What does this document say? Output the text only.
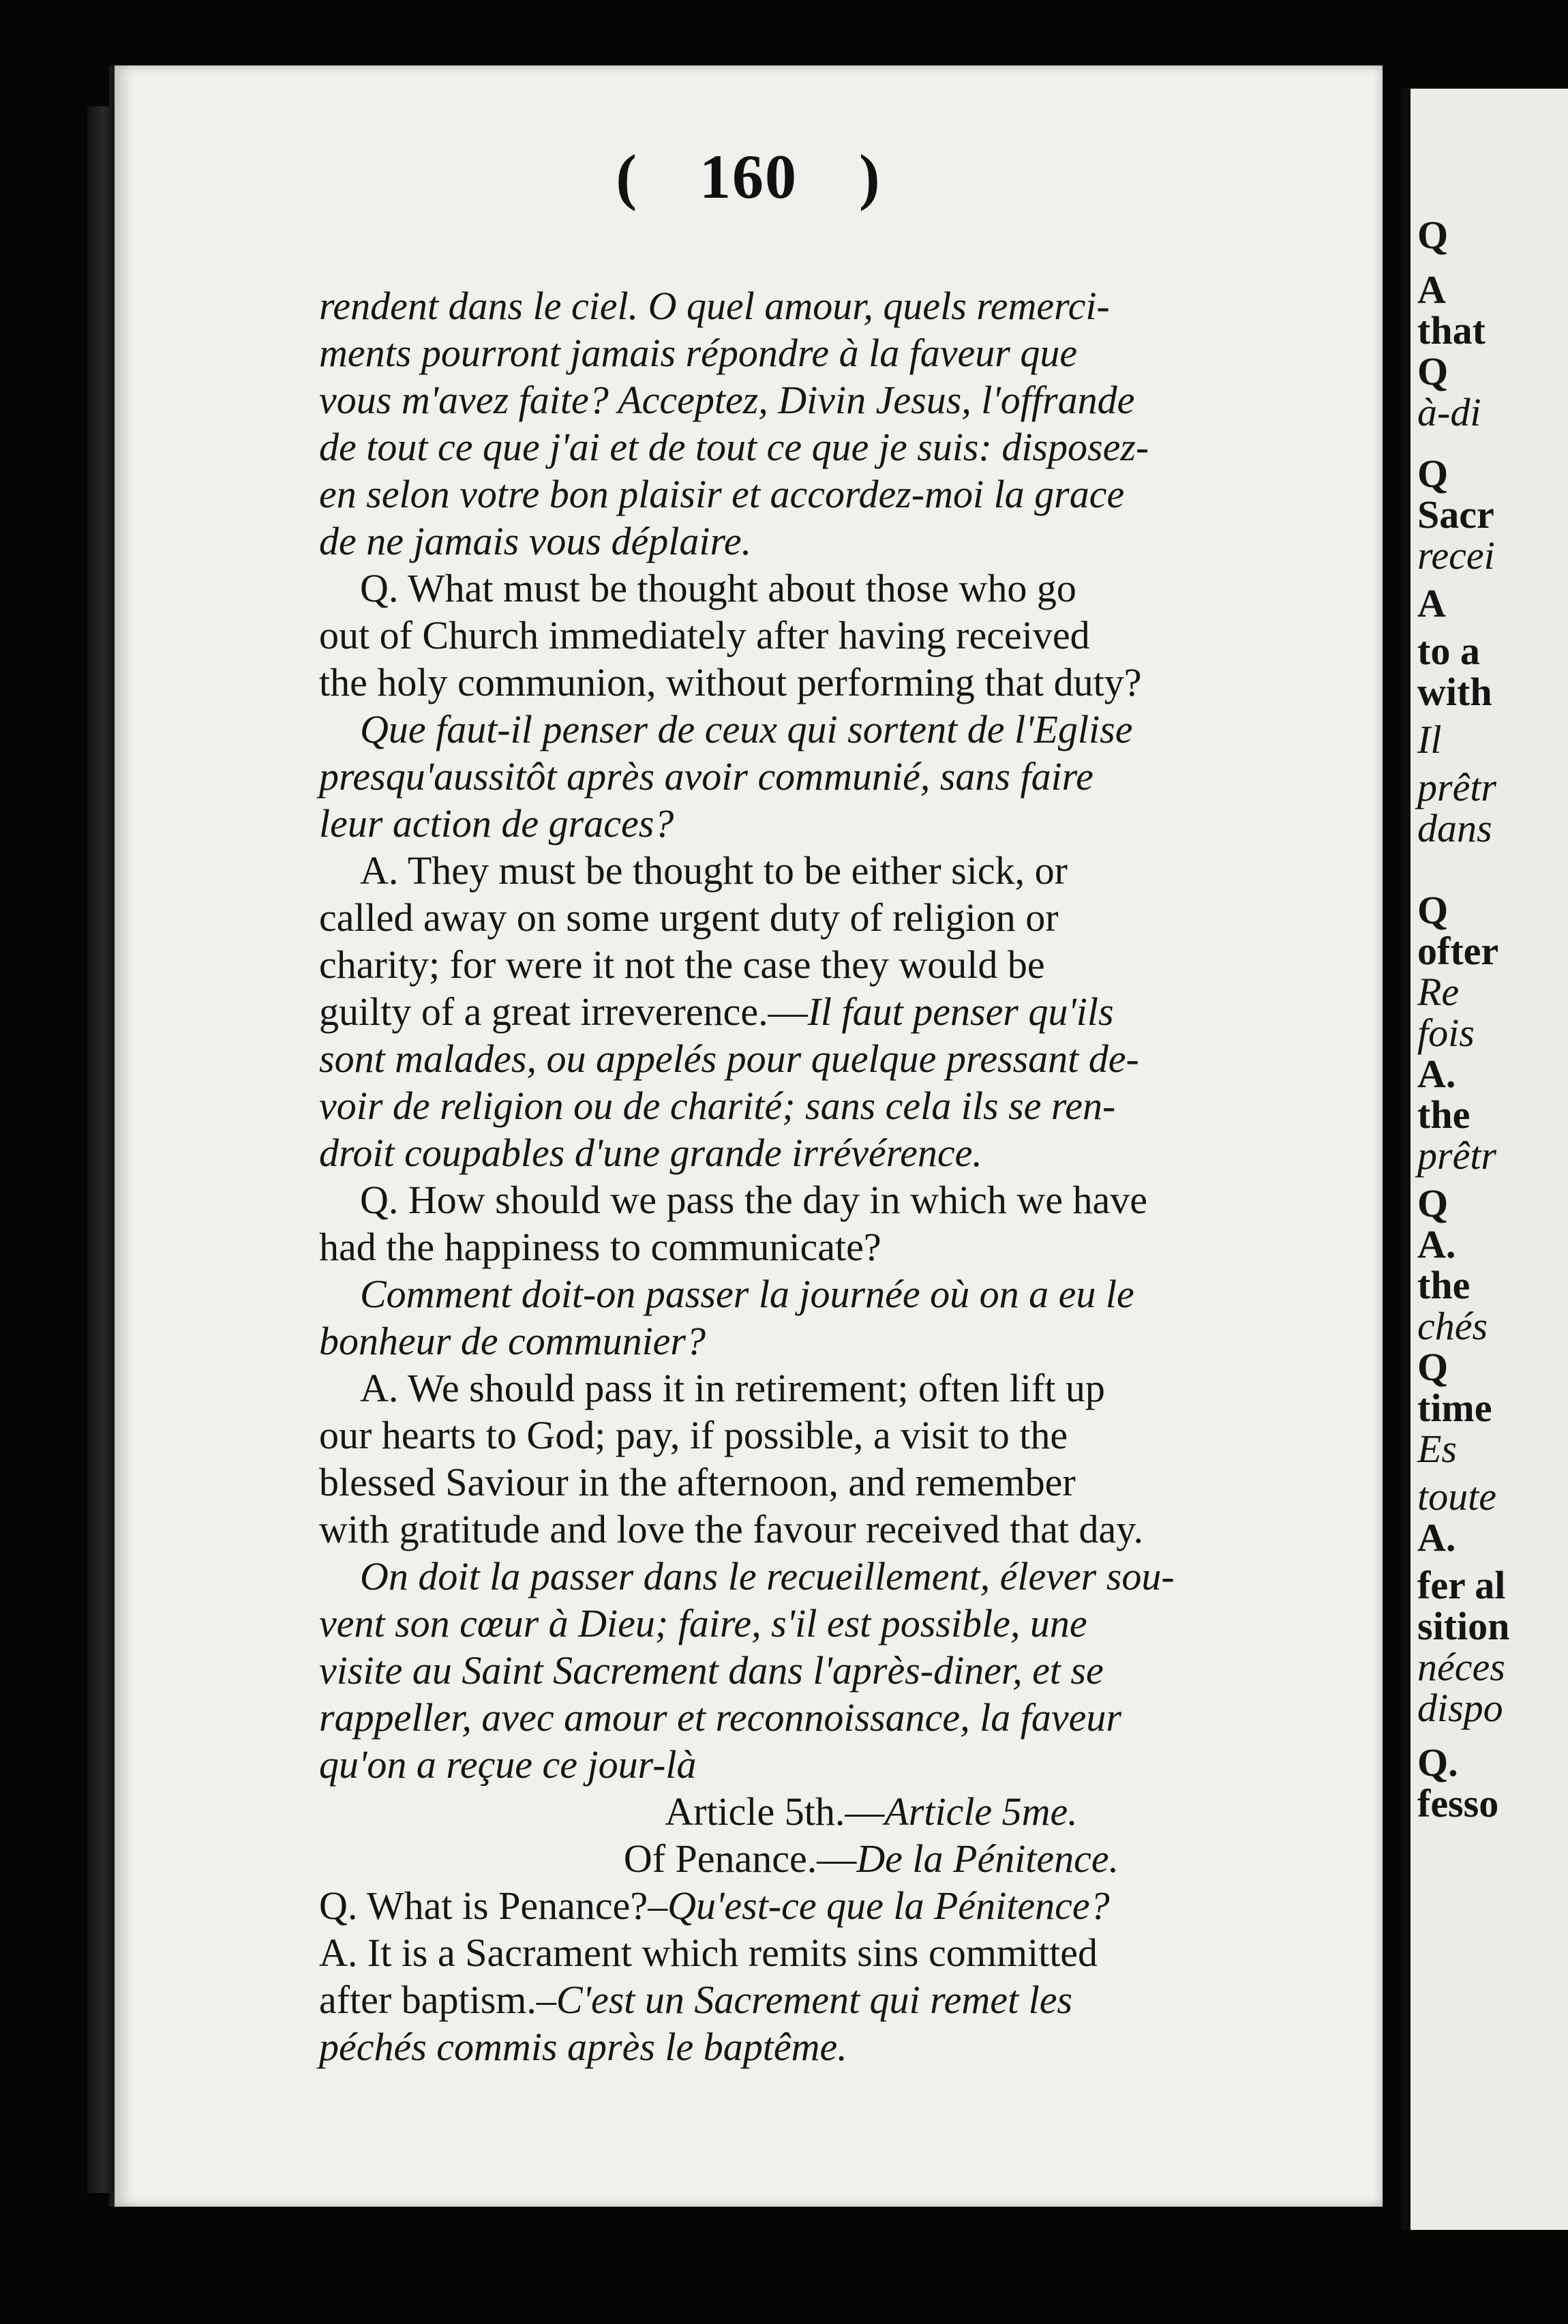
( 160 )

rendent dans le ciel. O quel amour, quels remerci-

ments pourront jamais répondre à la faveur que

vous m'avez faite? Acceptez, Divin Jesus, l'offrande

de tout ce que j'ai et de tout ce que je suis: disposez-

en selon votre bon plaisir et accordez-moi la grace

de ne jamais vous déplaire.

Q. What must be thought about those who go

out of Church immediately after having received

the holy communion, without performing that duty?

Que faut-il penser de ceux qui sortent de l'Eglise

presqu'aussitôt après avoir communié, sans faire

leur action de graces?

A. They must be thought to be either sick, or

called away on some urgent duty of religion or

charity; for were it not the case they would be

guilty of a great irreverence.—Il faut penser qu'ils

sont malades, ou appelés pour quelque pressant de-

voir de religion ou de charité; sans cela ils se ren-

droit coupables d'une grande irrévérence.

Q. How should we pass the day in which we have

had the happiness to communicate?

Comment doit-on passer la journée où on a eu le

bonheur de communier?

A. We should pass it in retirement; often lift up

our hearts to God; pay, if possible, a visit to the

blessed Saviour in the afternoon, and remember

with gratitude and love the favour received that day.

On doit la passer dans le recueillement, élever sou-

vent son cœur à Dieu; faire, s'il est possible, une

visite au Saint Sacrement dans l'après-diner, et se

rappeller, avec amour et reconnoissance, la faveur

qu'on a reçue ce jour-là

Article 5th.—Article 5me.

Of Penance.—De la Pénitence.

Q. What is Penance?–Qu'est-ce que la Pénitence?

A. It is a Sacrament which remits sins committed

after baptism.–C'est un Sacrement qui remet les

péchés commis après le baptême.

Q
A
that
Q
à-di
Q
Sacr
recei
A
to a
with
Il
prêtr
dans
Q
ofter
Re
fois
A.
the
prêtr
Q
A.
the
chés
Q
time
Es
toute
A.
fer al
sition
néces
dispo
Q.
fesso
